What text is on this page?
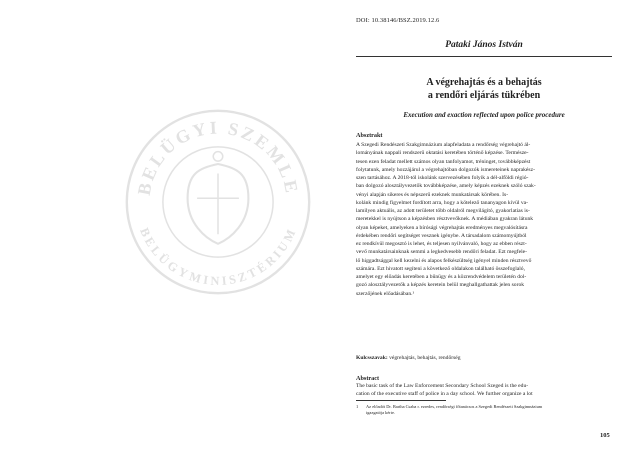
BELÜGYI SZEMLE
BELÜGYMINISZTÉRIUM
DOI: 10.38146/BSZ.2019.12.6
Pataki János István
A végrehajtás és a behajtás
a rendőri eljárás tükrében
Execution and exaction reflected upon police procedure
Absztrakt
A Szegedi Rendészeti Szakgimnázium alapfeladata a rendőrség végrehajtó ál-
lományának nappali rendszerű oktatási keretében történő képzése. Természe-
tesen ezen feladat mellett számos olyan tanfolyamot, tréninget, továbbképzést
folytatunk, amely hozzájárul a végrehajtóban dolgozók ismereteinek naprakész-
szen tartásához. A 2018-tól iskolánk szervezésében folyik a dél-alföldi régió-
ban dolgozó alosztályvezetők továbbképzése, amely képzés ezeknek szóló szak-
vényi alapján sikeres és népszerű ezeknek munkatársak körében. Is-
kolánk mindig figyelmet fordított arra, hogy a kötelező tananyagon kívül va-
lamilyen aktuális, az adott területet több oldalról megvilágító, gyakorlatias is-
meretekkel is nyújtson a képzésben résztvevőknek. A médiában gyakran látunk
olyan képeket, amelyeken a bírósági végrehajtás eredményes megvalósításra
érdekében rendőri segítséget vesznek igénybe. A társadalom számomyújtból
ez rendkívül megosztó is lehet, és teljesen nyilvánvaló, hogy az ebben részt-
vevő munkatársainknak semmi a legkedvesebb rendőri feladat. Ezt megfele-
lő higgadtsággal kell kezelni és alapos felkészültség igényel minden résztvevő
számára. Ezt hivatott segíteni a következő oldalakon található összefoglaló,
amelyet egy előadás keretében a bűnügy és a közrendvédelem területén dol-
gozó alosztályvezetők a képzés keretein belül meghallgathattak jelen sorok
szerzőjének előadásában.¹
Kulcsszavak: végrehajtás, behajtás, rendőrség
Abstract
The basic task of the Law Enforcement Secondary School Szeged is the edu-
cation of the executive staff of police in a day school. We further organize a lot
1 Az előadót Dr. Bartha Csaba r. ezredes, rendőrségi főtanácsos a Szegedi Rendészeti Szakgimnázium
igazgatója kérte.
105
